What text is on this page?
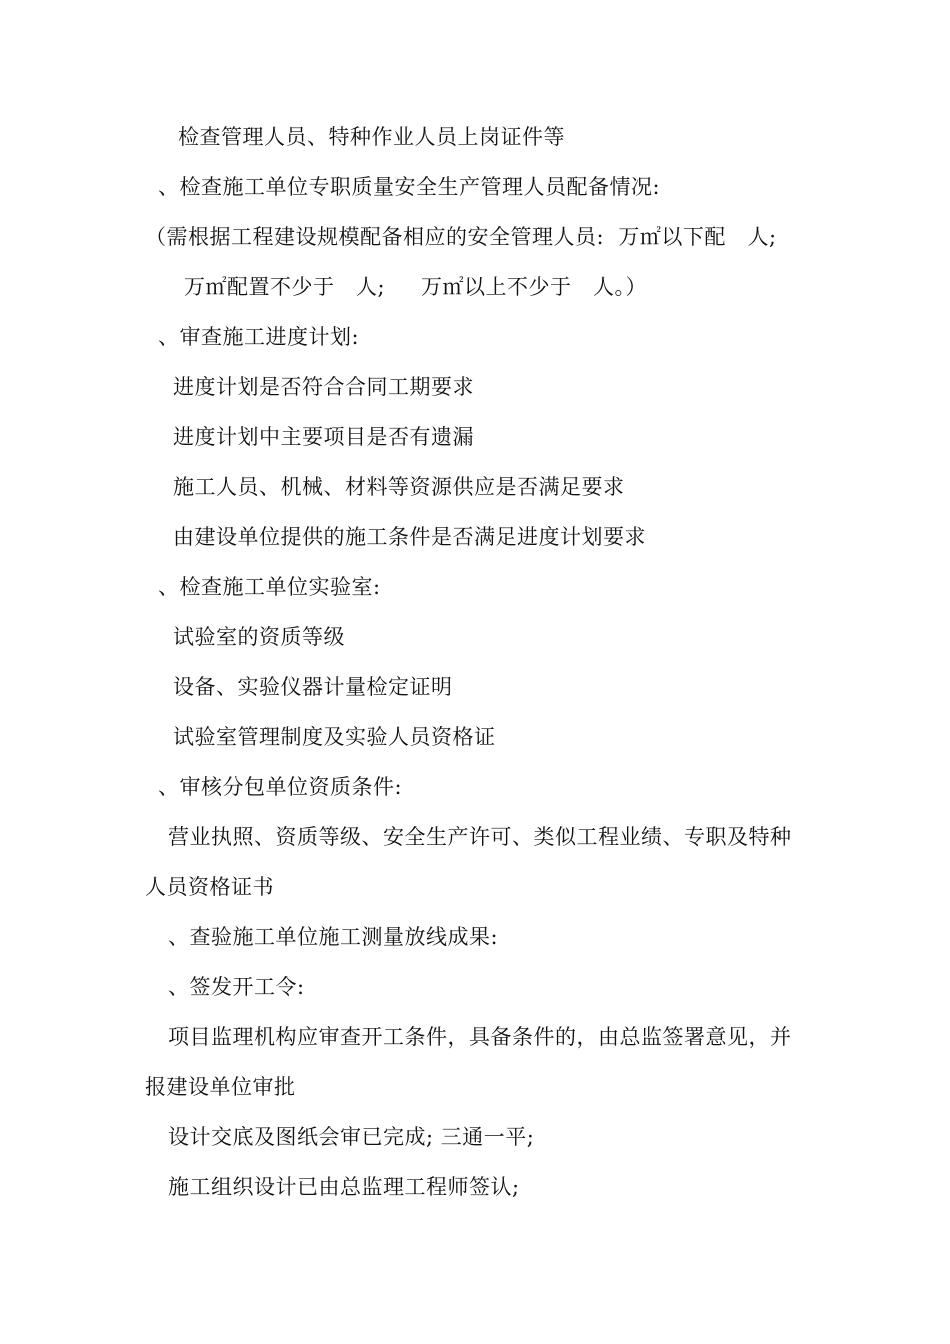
检查管理人员、特种作业人员上岗证件等
、检查施工单位专职质量安全生产管理人员配备情况:
（需根据工程建设规模配备相应的安全管理人员:  万㎡以下配   人;
万㎡配置不少于   人;     万㎡以上不少于   人。）
、审查施工进度计划:
进度计划是否符合合同工期要求
进度计划中主要项目是否有遗漏
施工人员、机械、材料等资源供应是否满足要求
由建设单位提供的施工条件是否满足进度计划要求
、检查施工单位实验室:
试验室的资质等级
设备、实验仪器计量检定证明
试验室管理制度及实验人员资格证
、审核分包单位资质条件:
营业执照、资质等级、安全生产许可、类似工程业绩、专职及特种
人员资格证书
、查验施工单位施工测量放线成果:
、签发开工令:
项目监理机构应审查开工条件，具备条件的，由总监签署意见，并
报建设单位审批
设计交底及图纸会审已完成; 三通一平;
施工组织设计已由总监理工程师签认;
